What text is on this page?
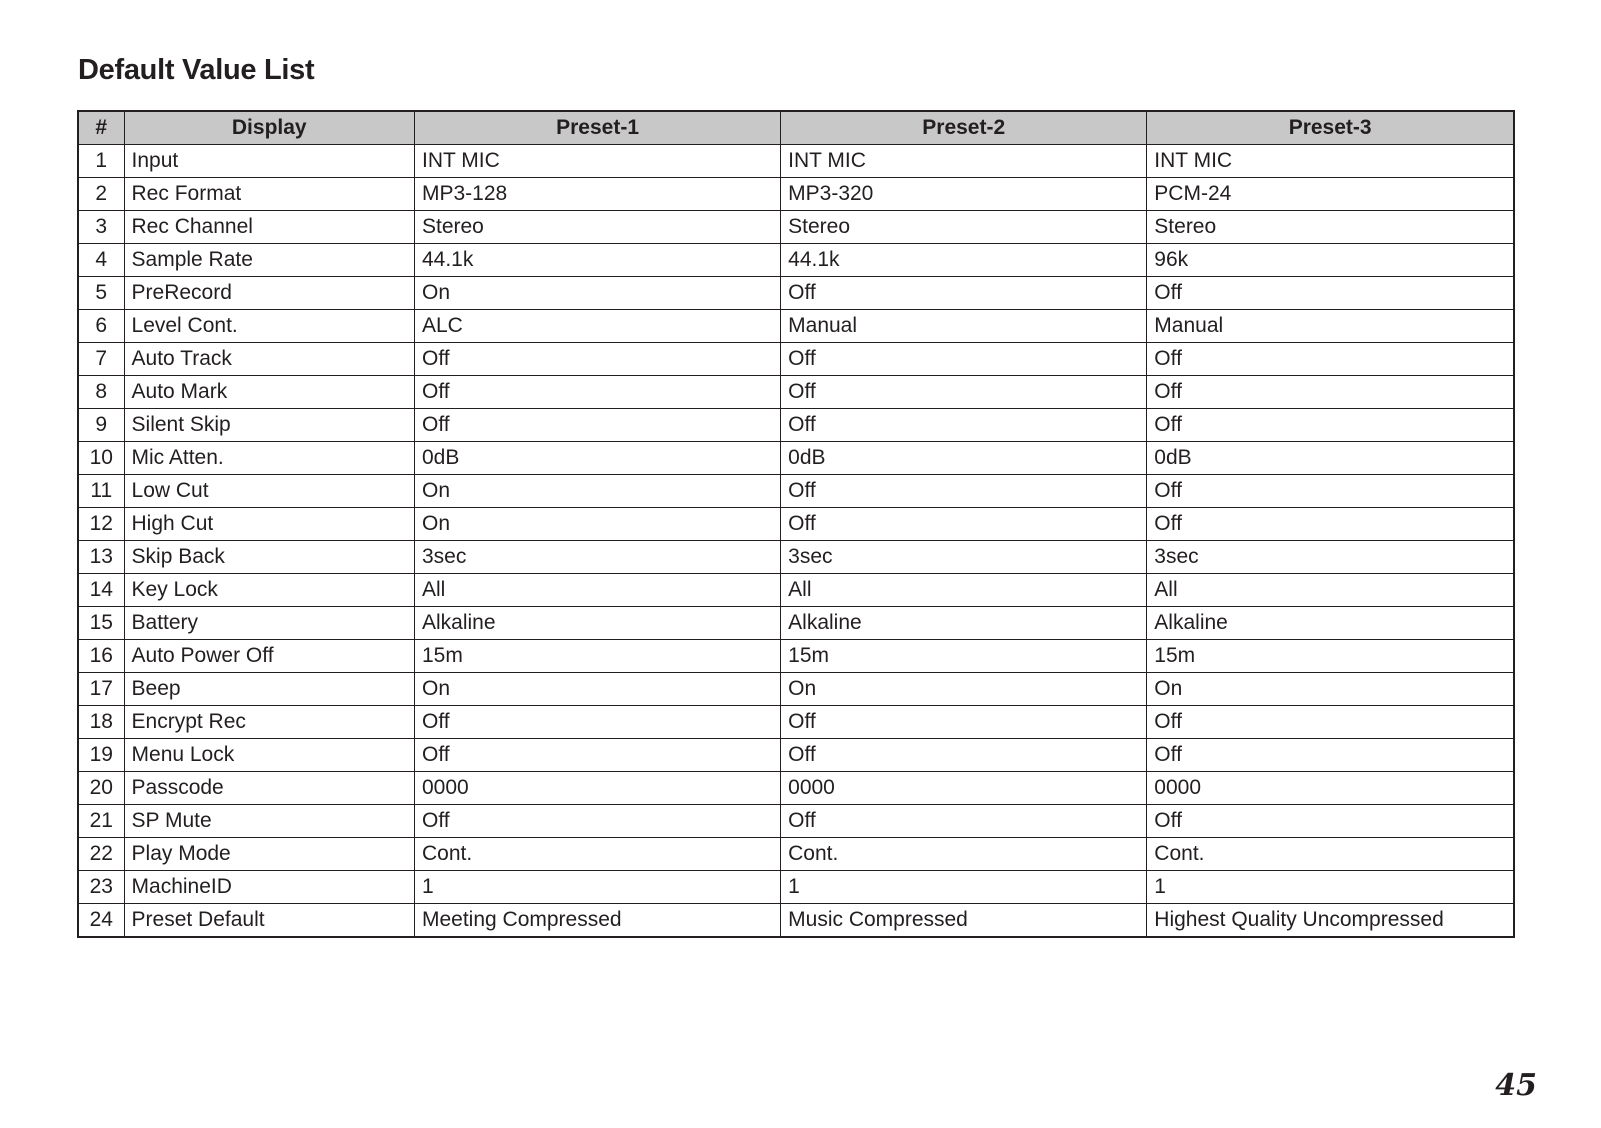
Default Value List
#	Display	Preset-1	Preset-2	Preset-3
1	Input	INT MIC	INT MIC	INT MIC
2	Rec Format	MP3-128	MP3-320	PCM-24
3	Rec Channel	Stereo	Stereo	Stereo
4	Sample Rate	44.1k	44.1k	96k
5	PreRecord	On	Off	Off
6	Level Cont.	ALC	Manual	Manual
7	Auto Track	Off	Off	Off
8	Auto Mark	Off	Off	Off
9	Silent Skip	Off	Off	Off
10	Mic Atten.	0dB	0dB	0dB
11	Low Cut	On	Off	Off
12	High Cut	On	Off	Off
13	Skip Back	3sec	3sec	3sec
14	Key Lock	All	All	All
15	Battery	Alkaline	Alkaline	Alkaline
16	Auto Power Off	15m	15m	15m
17	Beep	On	On	On
18	Encrypt Rec	Off	Off	Off
19	Menu Lock	Off	Off	Off
20	Passcode	0000	0000	0000
21	SP Mute	Off	Off	Off
22	Play Mode	Cont.	Cont.	Cont.
23	MachineID	1	1	1
24	Preset Default	Meeting Compressed	Music Compressed	Highest Quality Uncompressed
45
